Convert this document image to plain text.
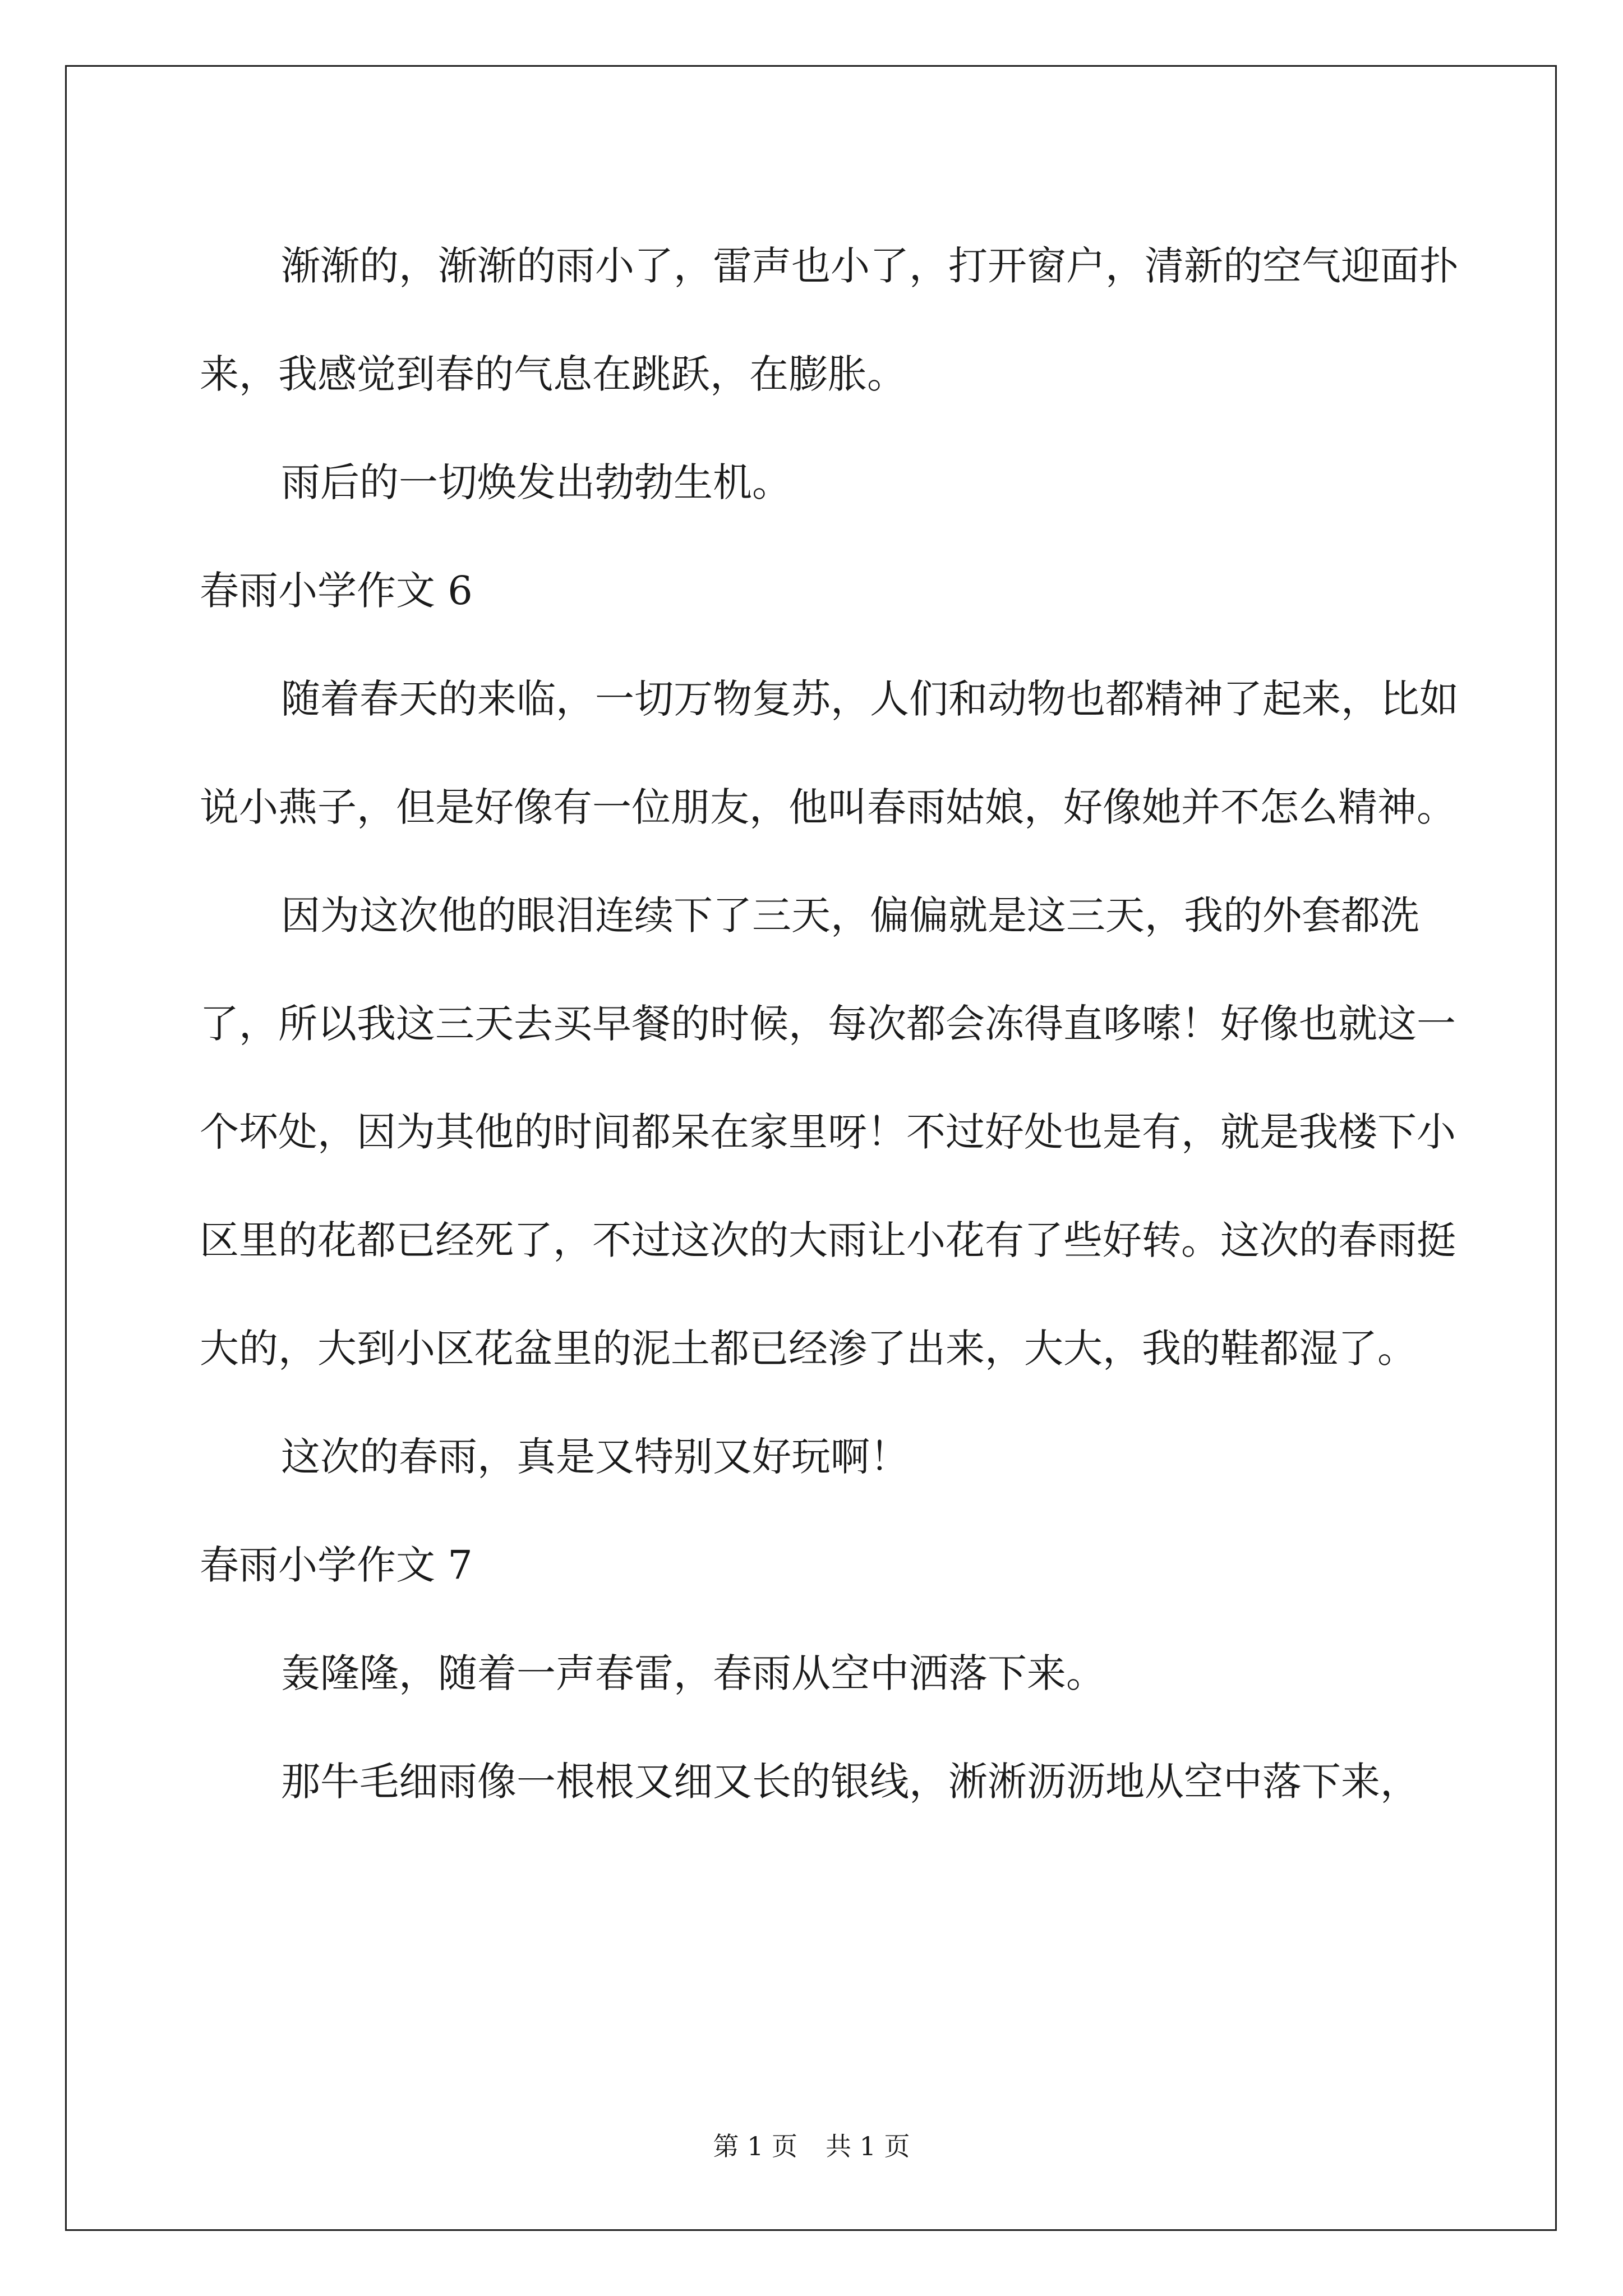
渐渐的，渐渐的雨小了，雷声也小了，打开窗户，清新的空气迎面扑来，我感觉到春的气息在跳跃，在膨胀。

雨后的一切焕发出勃勃生机。

春雨小学作文 6

随着春天的来临，一切万物复苏，人们和动物也都精神了起来，比如说小燕子，但是好像有一位朋友，他叫春雨姑娘，好像她并不怎么精神。

因为这次他的眼泪连续下了三天，偏偏就是这三天，我的外套都洗了，所以我这三天去买早餐的时候，每次都会冻得直哆嗦！好像也就这一个坏处，因为其他的时间都呆在家里呀！不过好处也是有，就是我楼下小区里的花都已经死了，不过这次的大雨让小花有了些好转。这次的春雨挺大的，大到小区花盆里的泥土都已经渗了出来，大大，我的鞋都湿了。

这次的春雨，真是又特别又好玩啊！

春雨小学作文 7

轰隆隆，随着一声春雷，春雨从空中洒落下来。

那牛毛细雨像一根根又细又长的银线，淅淅沥沥地从空中落下来，

第 1 页 共 1 页
